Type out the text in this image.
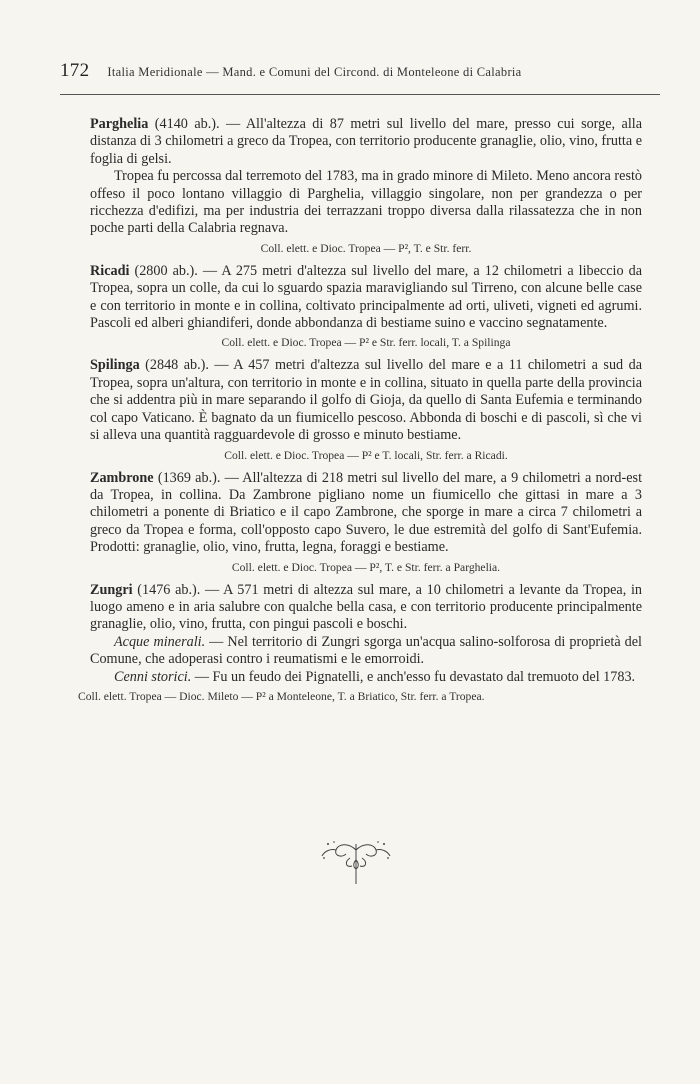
172 Italia Meridionale — Mand. e Comuni del Circond. di Monteleone di Calabria

Parghelia (4140 ab.). — All'altezza di 87 metri sul livello del mare, presso cui sorge, alla distanza di 3 chilometri a greco da Tropea, con territorio producente granaglie, olio, vino, frutta e foglia di gelsi.

Tropea fu percossa dal terremoto del 1783, ma in grado minore di Mileto. Meno ancora restò offeso il poco lontano villaggio di Parghelia, villaggio singolare, non per grandezza o per ricchezza d'edifizi, ma per industria dei terrazzani troppo diversa dalla rilassatezza che in non poche parti della Calabria regnava.

Coll. elett. e Dioc. Tropea — P², T. e Str. ferr.

Ricadi (2800 ab.). — A 275 metri d'altezza sul livello del mare, a 12 chilometri a libeccio da Tropea, sopra un colle, da cui lo sguardo spazia maravigliando sul Tirreno, con alcune belle case e con territorio in monte e in collina, coltivato principalmente ad orti, uliveti, vigneti ed agrumi. Pascoli ed alberi ghiandiferi, donde abbondanza di bestiame suino e vaccino segnatamente.

Coll. elett. e Dioc. Tropea — P² e Str. ferr. locali, T. a Spilinga

Spilinga (2848 ab.). — A 457 metri d'altezza sul livello del mare e a 11 chilometri a sud da Tropea, sopra un'altura, con territorio in monte e in collina, situato in quella parte della provincia che si addentra più in mare separando il golfo di Gioja, da quello di Santa Eufemia e terminando col capo Vaticano. È bagnato da un fiumicello pescoso. Abbonda di boschi e di pascoli, sì che vi si alleva una quantità ragguardevole di grosso e minuto bestiame.

Coll. elett. e Dioc. Tropea — P² e T. locali, Str. ferr. a Ricadi.

Zambrone (1369 ab.). — All'altezza di 218 metri sul livello del mare, a 9 chilometri a nord-est da Tropea, in collina. Da Zambrone pigliano nome un fiumicello che gittasi in mare a 3 chilometri a ponente di Briatico e il capo Zambrone, che sporge in mare a circa 7 chilometri a greco da Tropea e forma, coll'opposto capo Suvero, le due estremità del golfo di Sant'Eufemia. Prodotti: granaglie, olio, vino, frutta, legna, foraggi e bestiame.

Coll. elett. e Dioc. Tropea — P², T. e Str. ferr. a Parghelia.

Zungri (1476 ab.). — A 571 metri di altezza sul mare, a 10 chilometri a levante da Tropea, in luogo ameno e in aria salubre con qualche bella casa, e con territorio producente principalmente granaglie, olio, vino, frutta, con pingui pascoli e boschi.

Acque minerali. — Nel territorio di Zungri sgorga un'acqua salino-solforosa di proprietà del Comune, che adoperasi contro i reumatismi e le emorroidi.

Cenni storici. — Fu un feudo dei Pignatelli, e anch'esso fu devastato dal tremuoto del 1783.

Coll. elett. Tropea — Dioc. Mileto — P² a Monteleone, T. a Briatico, Str. ferr. a Tropea.
